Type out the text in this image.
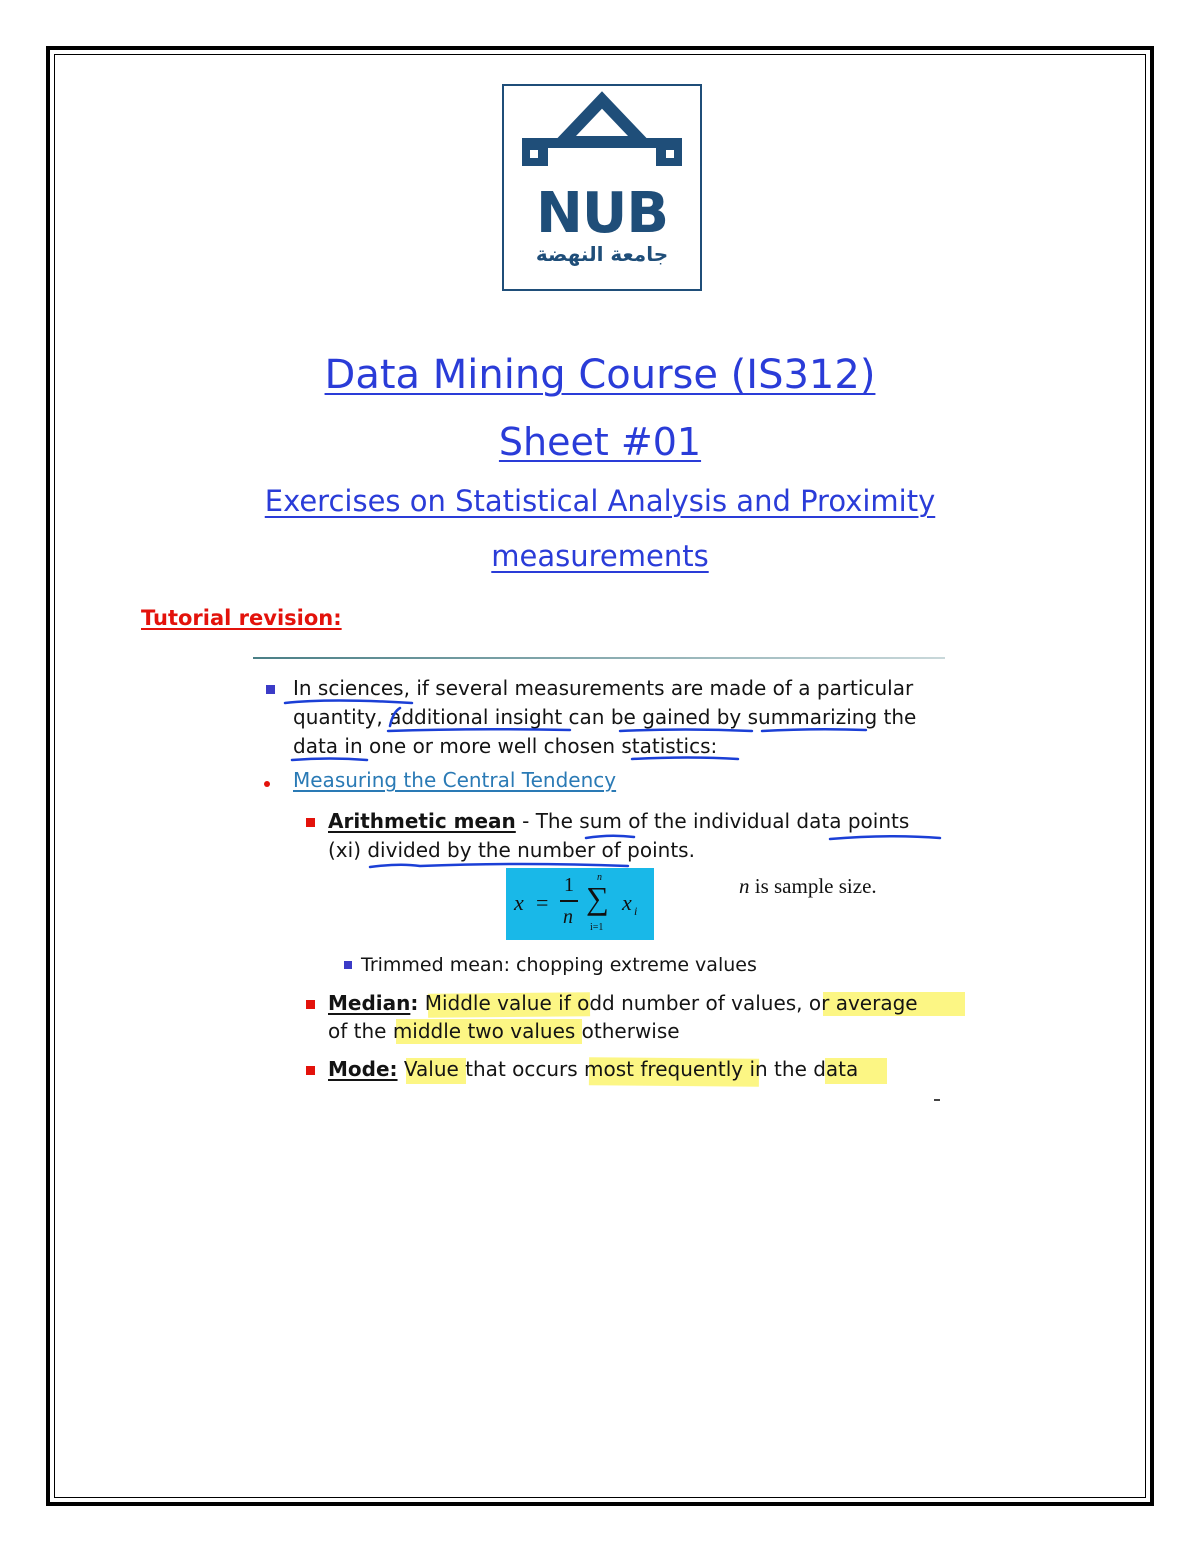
NUB
جامعة النهضة
Data Mining Course (IS312)
Sheet #01
Exercises on Statistical Analysis and Proximity
measurements

Tutorial revision:

In sciences, if several measurements are made of a particular

quantity, additional insight can be gained by summarizing the

data in one or more well chosen statistics:

Measuring the Central Tendency

Arithmetic mean - The sum of the individual data points

(xi) divided by the number of points.

x =
1
n
n
∑
i=1
x i

n is sample size.

Trimmed mean: chopping extreme values

Median: Middle value if odd number of values, or average

of the middle two values otherwise

Mode: Value that occurs most frequently in the data
